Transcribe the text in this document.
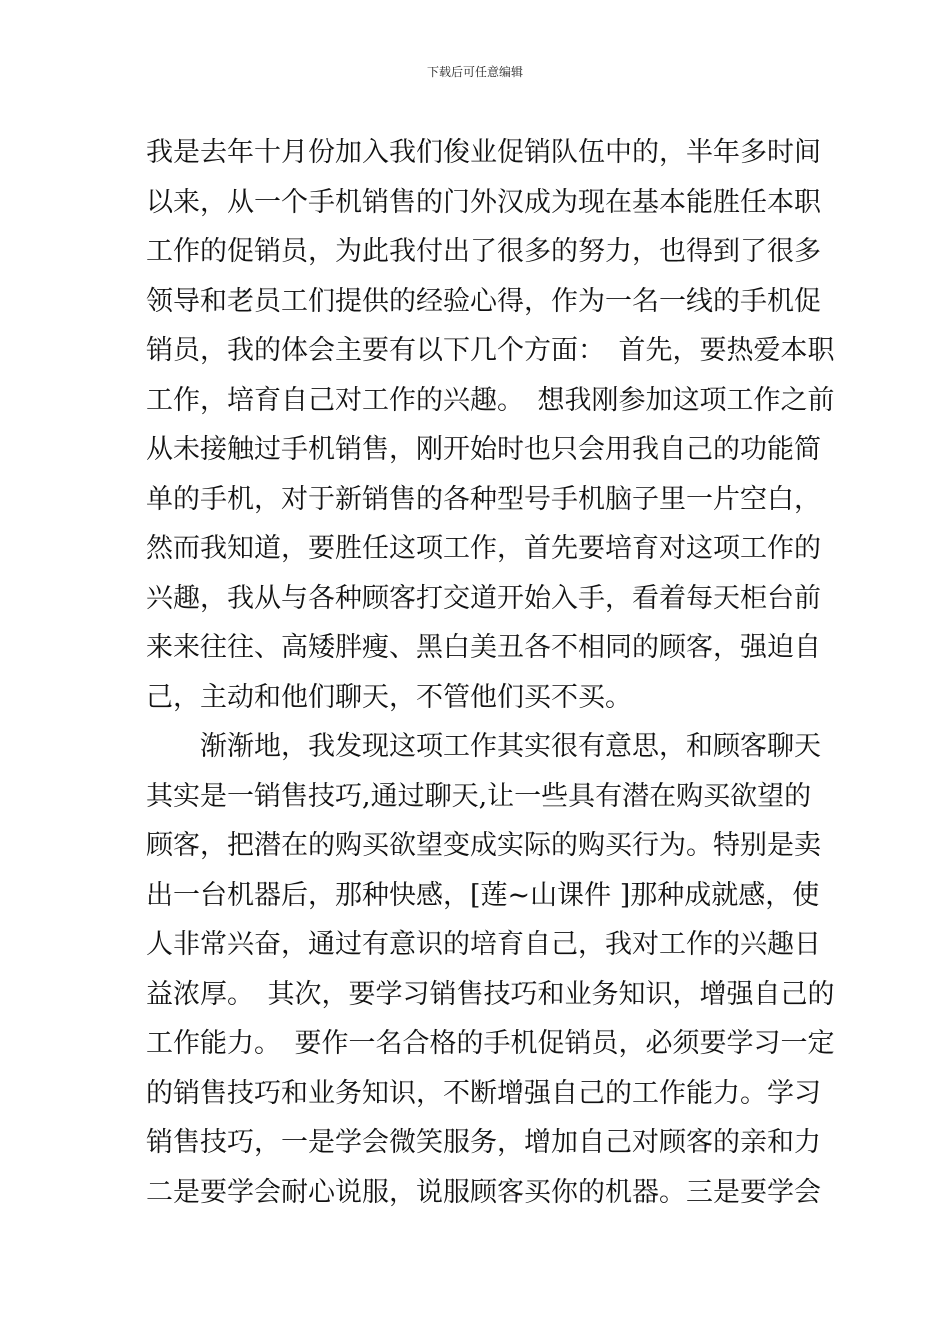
下载后可任意编辑
我是去年十月份加入我们俊业促销队伍中的，半年多时间
以来，从一个手机销售的门外汉成为现在基本能胜任本职
工作的促销员，为此我付出了很多的努力，也得到了很多
领导和老员工们提供的经验心得，作为一名一线的手机促
销员，我的体会主要有以下几个方面：　首先，要热爱本职
工作，培育自己对工作的兴趣。　想我刚参加这项工作之前
从未接触过手机销售，刚开始时也只会用我自己的功能简
单的手机，对于新销售的各种型号手机脑子里一片空白，
然而我知道，要胜任这项工作，首先要培育对这项工作的
兴趣，我从与各种顾客打交道开始入手，看着每天柜台前
来来往往、高矮胖瘦、黑白美丑各不相同的顾客，强迫自
己，主动和他们聊天，不管他们买不买。
渐渐地，我发现这项工作其实很有意思，和顾客聊天
其实是一销售技巧,通过聊天,让一些具有潜在购买欲望的
顾客，把潜在的购买欲望变成实际的购买行为。特别是卖
出一台机器后，那种快感，[莲~山课件 ]那种成就感，使
人非常兴奋，通过有意识的培育自己，我对工作的兴趣日
益浓厚。　其次，要学习销售技巧和业务知识，增强自己的
工作能力。　要作一名合格的手机促销员，必须要学习一定
的销售技巧和业务知识，不断增强自己的工作能力。学习
销售技巧，一是学会微笑服务，增加自己对顾客的亲和力
二是要学会耐心说服，说服顾客买你的机器。三是要学会
